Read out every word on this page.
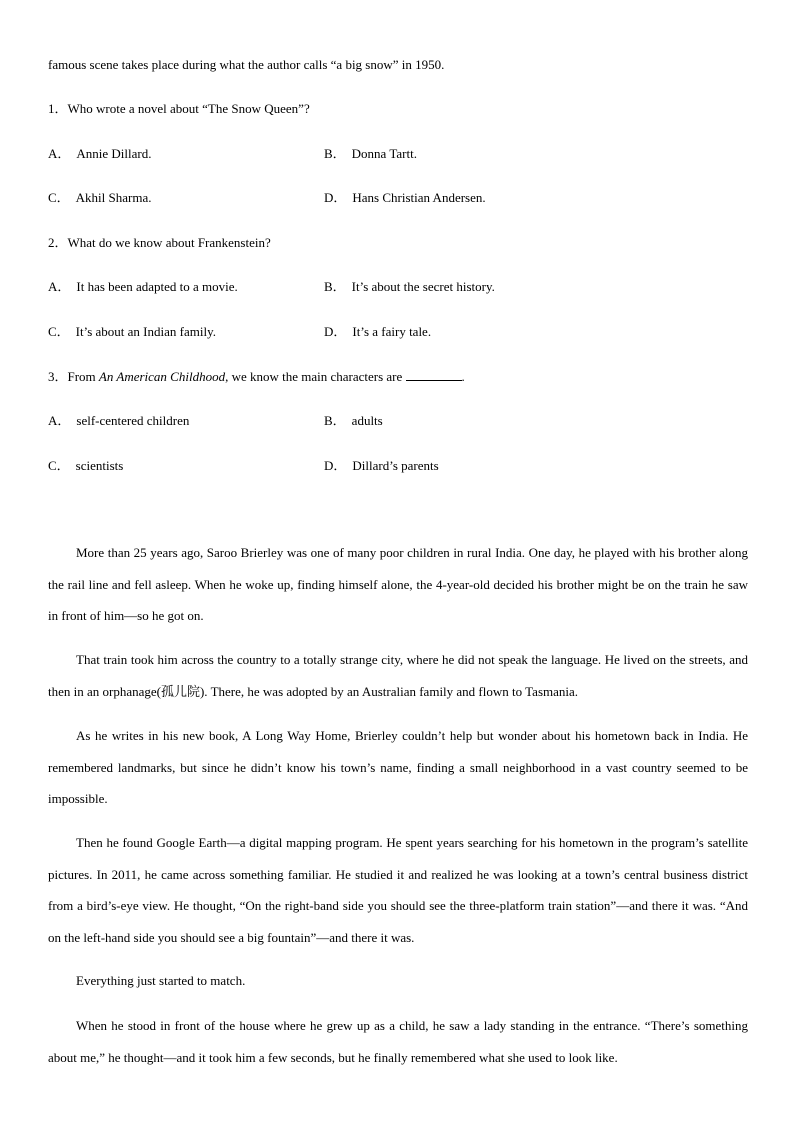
famous scene takes place during what the author calls “a big snow” in 1950.
1．Who wrote a novel about “The Snow Queen”?
A． Annie Dillard.	B． Donna Tartt.
C． Akhil Sharma.	D． Hans Christian Andersen.
2．What do we know about Frankenstein?
A． It has been adapted to a movie.	B． It’s about the secret history.
C． It’s about an Indian family.	D． It’s a fairy tale.
3．From An American Childhood, we know the main characters are	.
A． self-centered children	B． adults
C． scientists	D． Dillard’s parents
More than 25 years ago, Saroo Brierley was one of many poor children in rural India. One day, he played with his brother along the rail line and fell asleep. When he woke up, finding himself alone, the 4-year-old decided his brother might be on the train he saw in front of him—so he got on.
That train took him across the country to a totally strange city, where he did not speak the language. He lived on the streets, and then in an orphanage(孤儿院). There, he was adopted by an Australian family and flown to Tasmania.
As he writes in his new book, A Long Way Home, Brierley couldn’t help but wonder about his hometown back in India. He remembered landmarks, but since he didn’t know his town’s name, finding a small neighborhood in a vast country seemed to be impossible.
Then he found Google Earth—a digital mapping program. He spent years searching for his hometown in the program’s satellite pictures. In 2011, he came across something familiar. He studied it and realized he was looking at a town’s central business district from a bird’s-eye view. He thought, “On the right-band side you should see the three-platform train station”—and there it was. “And on the left-hand side you should see a big fountain”—and there it was.
Everything just started to match.
When he stood in front of the house where he grew up as a child, he saw a lady standing in the entrance. “There’s something about me,” he thought—and it took him a few seconds, but he finally remembered what she used to look like.
